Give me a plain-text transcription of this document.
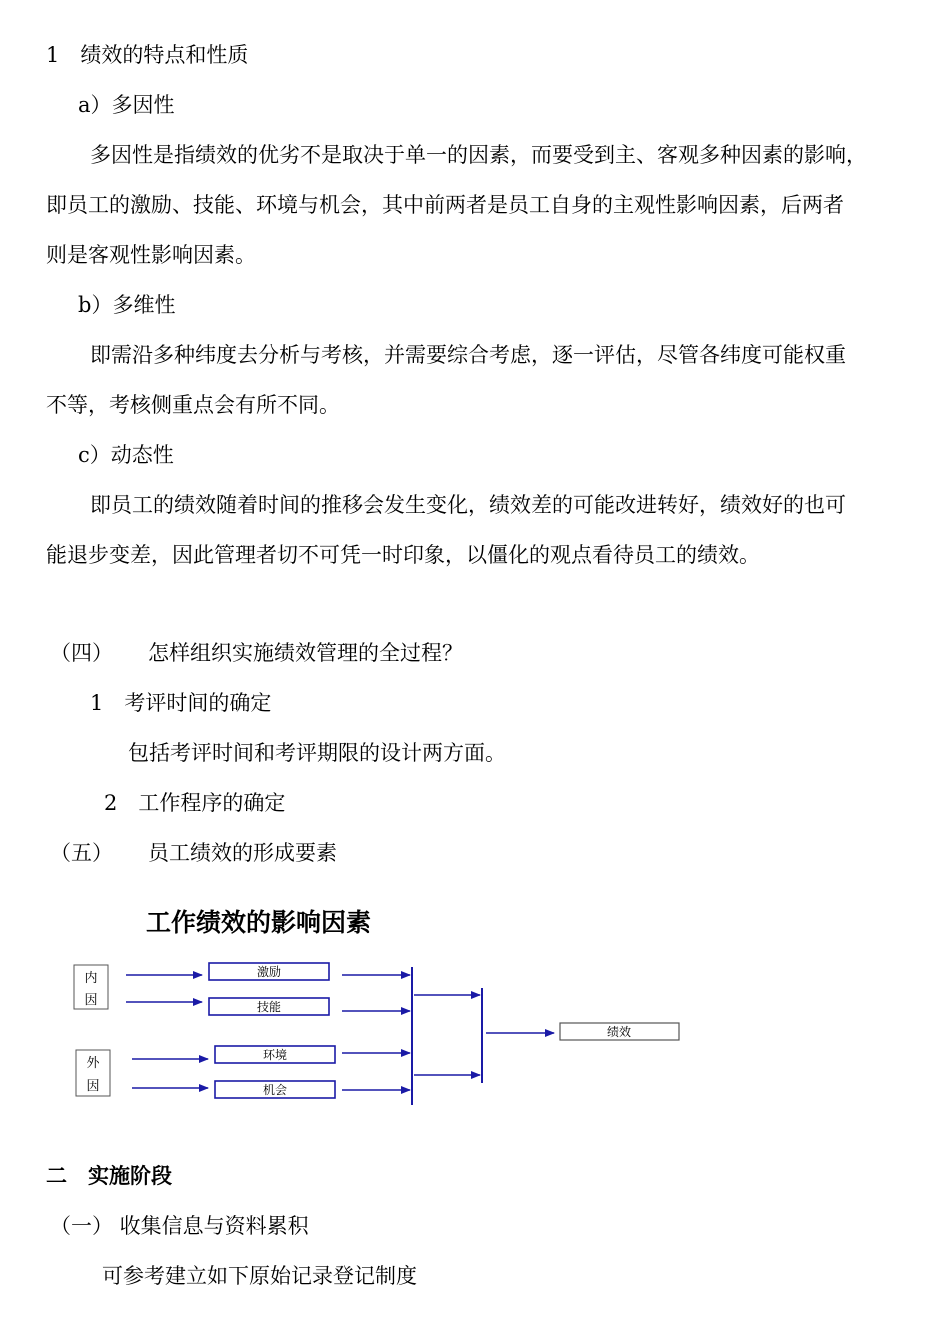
1　绩效的特点和性质
a）多因性
多因性是指绩效的优劣不是取决于单一的因素，而要受到主、客观多种因素的影响，
即员工的激励、技能、环境与机会，其中前两者是员工自身的主观性影响因素，后两者
则是客观性影响因素。
b）多维性
即需沿多种纬度去分析与考核，并需要综合考虑，逐一评估，尽管各纬度可能权重
不等，考核侧重点会有所不同。
c）动态性
即员工的绩效随着时间的推移会发生变化，绩效差的可能改进转好，绩效好的也可
能退步变差，因此管理者切不可凭一时印象，以僵化的观点看待员工的绩效。
（四） 怎样组织实施绩效管理的全过程？
1　考评时间的确定
包括考评时间和考评期限的设计两方面。
2　工作程序的确定
（五） 员工绩效的形成要素
工作绩效的影响因素
内
因
外
因
激励
技能
环境
机会
绩效
二　实施阶段
（一） 收集信息与资料累积
可参考建立如下原始记录登记制度
